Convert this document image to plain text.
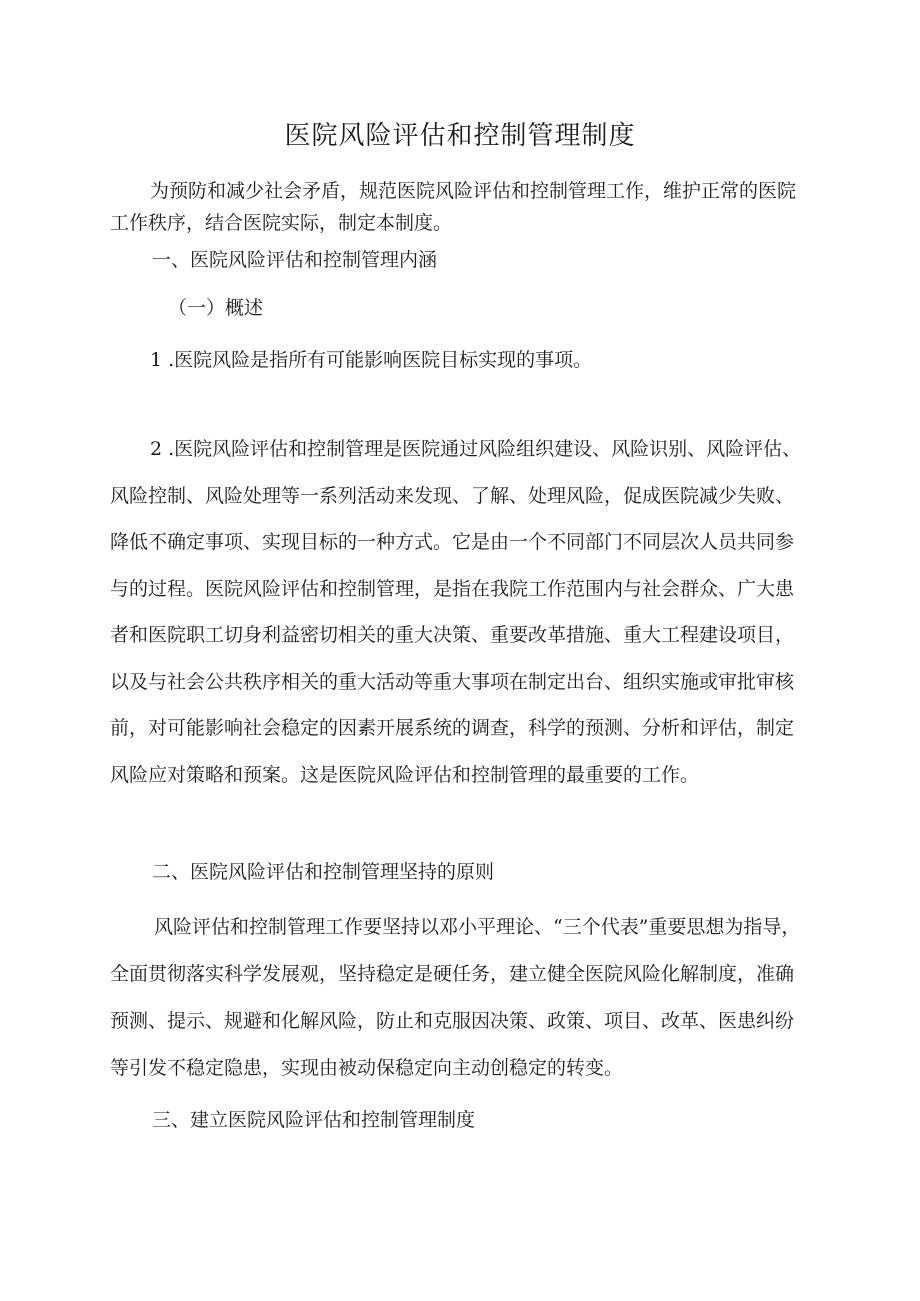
医院风险评估和控制管理制度

为预防和减少社会矛盾，规范医院风险评估和控制管理工作，维护正常的医院工作秩序，结合医院实际，制定本制度。

一、医院风险评估和控制管理内涵

（一）概述

1 .医院风险是指所有可能影响医院目标实现的事项。

2 .医院风险评估和控制管理是医院通过风险组织建设、风险识别、风险评估、风险控制、风险处理等一系列活动来发现、了解、处理风险，促成医院减少失败、降低不确定事项、实现目标的一种方式。它是由一个不同部门不同层次人员共同参与的过程。医院风险评估和控制管理，是指在我院工作范围内与社会群众、广大患者和医院职工切身利益密切相关的重大决策、重要改革措施、重大工程建设项目，以及与社会公共秩序相关的重大活动等重大事项在制定出台、组织实施或审批审核前，对可能影响社会稳定的因素开展系统的调查，科学的预测、分析和评估，制定风险应对策略和预案。这是医院风险评估和控制管理的最重要的工作。

二、医院风险评估和控制管理坚持的原则

风险评估和控制管理工作要坚持以邓小平理论、“三个代表”重要思想为指导，全面贯彻落实科学发展观，坚持稳定是硬任务，建立健全医院风险化解制度，准确预测、提示、规避和化解风险，防止和克服因决策、政策、项目、改革、医患纠纷等引发不稳定隐患，实现由被动保稳定向主动创稳定的转变。

三、建立医院风险评估和控制管理制度
